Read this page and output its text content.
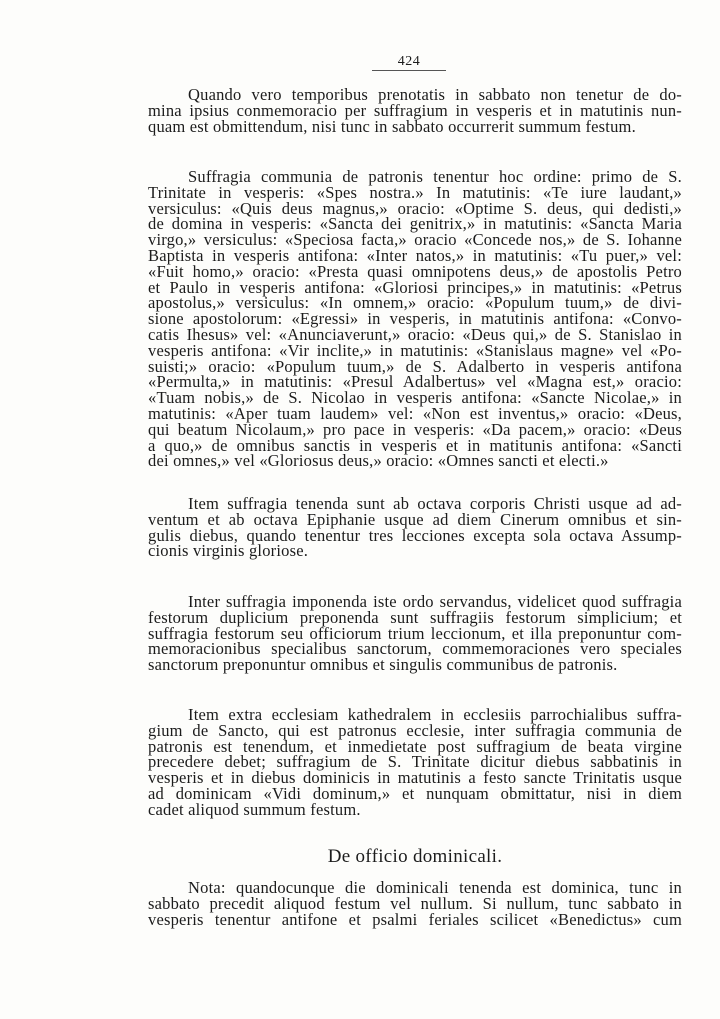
424
Quando vero temporibus prenotatis in sabbato non tenetur de do-
mina ipsius conmemoracio per suffragium in vesperis et in matutinis nun-
quam est obmittendum, nisi tunc in sabbato occurrerit summum festum.
Suffragia communia de patronis tenentur hoc ordine: primo de S.
Trinitate in vesperis: «Spes nostra.» In matutinis: «Te iure laudant,»
versiculus: «Quis deus magnus,» oracio: «Optime S. deus, qui dedisti,»
de domina in vesperis: «Sancta dei genitrix,» in matutinis: «Sancta Maria
virgo,» versiculus: «Speciosa facta,» oracio «Concede nos,» de S. Iohanne
Baptista in vesperis antifona: «Inter natos,» in matutinis: «Tu puer,» vel:
«Fuit homo,» oracio: «Presta quasi omnipotens deus,» de apostolis Petro
et Paulo in vesperis antifona: «Gloriosi principes,» in matutinis: «Petrus
apostolus,» versiculus: «In omnem,» oracio: «Populum tuum,» de divi-
sione apostolorum: «Egressi» in vesperis, in matutinis antifona: «Convo-
catis Ihesus» vel: «Anunciaverunt,» oracio: «Deus qui,» de S. Stanislao in
vesperis antifona: «Vir inclite,» in matutinis: «Stanislaus magne» vel «Po-
suisti;» oracio: «Populum tuum,» de S. Adalberto in vesperis antifona
«Permulta,» in matutinis: «Presul Adalbertus» vel «Magna est,» oracio:
«Tuam nobis,» de S. Nicolao in vesperis antifona: «Sancte Nicolae,» in
matutinis: «Aper tuam laudem» vel: «Non est inventus,» oracio: «Deus,
qui beatum Nicolaum,» pro pace in vesperis: «Da pacem,» oracio: «Deus
a quo,» de omnibus sanctis in vesperis et in matitunis antifona: «Sancti
dei omnes,» vel «Gloriosus deus,» oracio: «Omnes sancti et electi.»
Item suffragia tenenda sunt ab octava corporis Christi usque ad ad-
ventum et ab octava Epiphanie usque ad diem Cinerum omnibus et sin-
gulis diebus, quando tenentur tres lecciones excepta sola octava Assump-
cionis virginis gloriose.
Inter suffragia imponenda iste ordo servandus, videlicet quod suffragia
festorum duplicium preponenda sunt suffragiis festorum simplicium; et
suffragia festorum seu officiorum trium leccionum, et illa preponuntur com-
memoracionibus specialibus sanctorum, commemoraciones vero speciales
sanctorum preponuntur omnibus et singulis communibus de patronis.
Item extra ecclesiam kathedralem in ecclesiis parrochialibus suffra-
gium de Sancto, qui est patronus ecclesie, inter suffragia communia de
patronis est tenendum, et inmedietate post suffragium de beata virgine
precedere debet; suffragium de S. Trinitate dicitur diebus sabbatinis in
vesperis et in diebus dominicis in matutinis a festo sancte Trinitatis usque
ad dominicam «Vidi dominum,» et nunquam obmittatur, nisi in diem
cadet aliquod summum festum.
De officio dominicali.
Nota: quandocunque die dominicali tenenda est dominica, tunc in
sabbato precedit aliquod festum vel nullum. Si nullum, tunc sabbato in
vesperis tenentur antifone et psalmi feriales scilicet «Benedictus» cum
